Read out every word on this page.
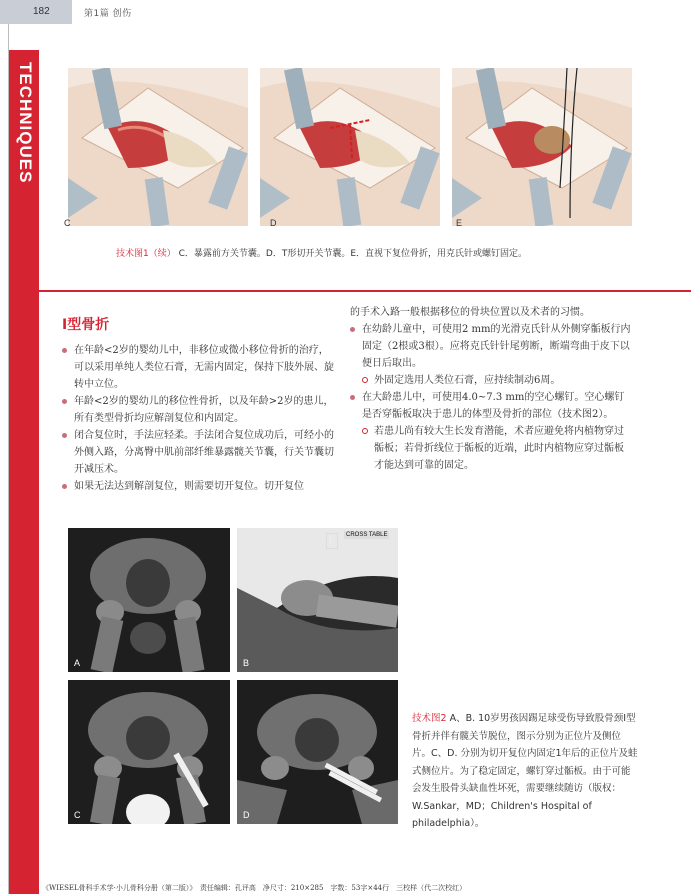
182	第1篇 创伤
TECHNIQUES
C	D	E
技术图1（续） C．暴露前方关节囊。D．T形切开关节囊。E．直视下复位骨折，用克氏针或螺钉固定。
Ⅰ型骨折
在年龄<2岁的婴幼儿中，非移位或微小移位骨折的治疗，可以采用单纯人类位石膏，无需内固定，保持下肢外展、旋转中立位。
年龄<2岁的婴幼儿的移位性骨折，以及年龄>2岁的患儿，所有类型骨折均应解剖复位和内固定。
闭合复位时，手法应轻柔。手法闭合复位成功后，可经小的外侧入路，分离臀中肌前部纤维暴露髋关节囊，行关节囊切开减压术。
如果无法达到解剖复位，则需要切开复位。切开复位
的手术入路一般根据移位的骨块位置以及术者的习惯。
在幼龄儿童中，可使用2 mm的光滑克氏针从外侧穿骺板行内固定（2根或3根）。应将克氏针针尾剪断，断端弯曲于皮下以便日后取出。
外固定选用人类位石膏，应持续制动6周。
在大龄患儿中，可使用4.0~7.3 mm的空心螺钉。空心螺钉是否穿骺板取决于患儿的体型及骨折的部位（技术图2）。
若患儿尚有较大生长发育潜能，术者应避免将内植物穿过骺板；若骨折线位于骺板的近端，此时内植物应穿过骺板才能达到可靠的固定。
A	B
L	CROSS TABLE
C	D
技术图2 A、B. 10岁男孩因踢足球受伤导致股骨颈Ⅰ型骨折并伴有髋关节脱位，图示分别为正位片及侧位片。C、D. 分别为切开复位内固定1年后的正位片及蛙式侧位片。为了稳定固定，螺钉穿过骺板。由于可能会发生股骨头缺血性坏死，需要继续随访（版权：W.Sankar，MD；Children's Hospital of philadelphia）。
《WIESEL骨科手术学·小儿骨科分册（第二版）》　责任编辑：孔评高　净尺寸：210×285　字数：53字×44行　三校样（代二次校红）
